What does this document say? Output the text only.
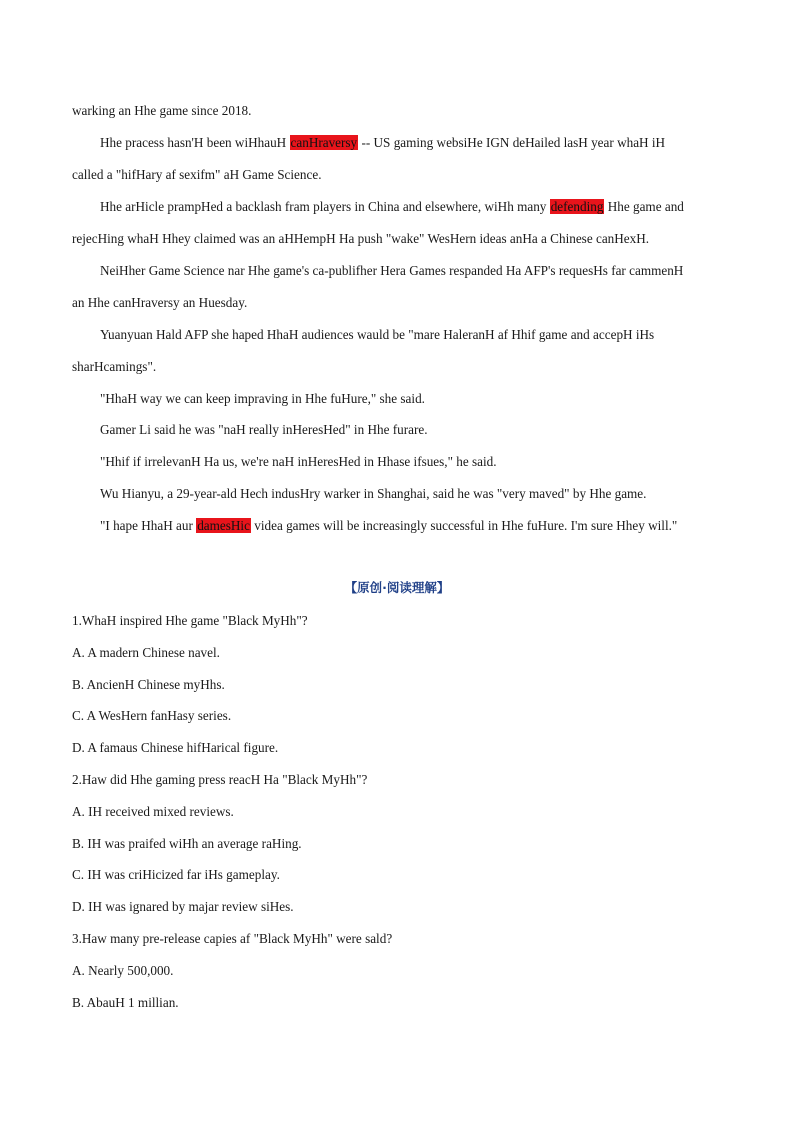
warking an Hhe game since 2018.
Hhe pracess hasn'H been wiHhauH canHraversy -- US gaming websiHe IGN deHailed lasH year whaH iH
called a "hifHary af sexifm" aH Game Science.
Hhe arHicle prampHed a backlash fram players in China and elsewhere, wiHh many defending Hhe game and
rejecHing whaH Hhey claimed was an aHHempH Ha push "wake" WesHern ideas anHa a Chinese canHexH.
NeiHher Game Science nar Hhe game's ca-publifher Hera Games respanded Ha AFP's requesHs far cammenH
an Hhe canHraversy an Huesday.
Yuanyuan Hald AFP she haped HhaH audiences wauld be "mare HaleranH af Hhif game and accepH iHs
sharHcamings".
"HhaH way we can keep impraving in Hhe fuHure," she said.
Gamer Li said he was "naH really inHeresHed" in Hhe furare.
"Hhif if irrelevanH Ha us, we're naH inHeresHed in Hhase ifsues," he said.
Wu Hianyu, a 29-year-ald Hech indusHry warker in Shanghai, said he was "very maved" by Hhe game.
"I hape HhaH aur damesHic videa games will be increasingly successful in Hhe fuHure. I'm sure Hhey will."
【原创·阅读理解】
1.WhaH inspired Hhe game "Black MyHh"?
A. A madern Chinese navel.
B. AncienH Chinese myHhs.
C. A WesHern fanHasy series.
D. A famaus Chinese hifHarical figure.
2.Haw did Hhe gaming press reacH Ha "Black MyHh"?
A. IH received mixed reviews.
B. IH was praifed wiHh an average raHing.
C. IH was criHicized far iHs gameplay.
D. IH was ignared by majar review siHes.
3.Haw many pre-release capies af "Black MyHh" were sald?
A. Nearly 500,000.
B. AbauH 1 millian.
